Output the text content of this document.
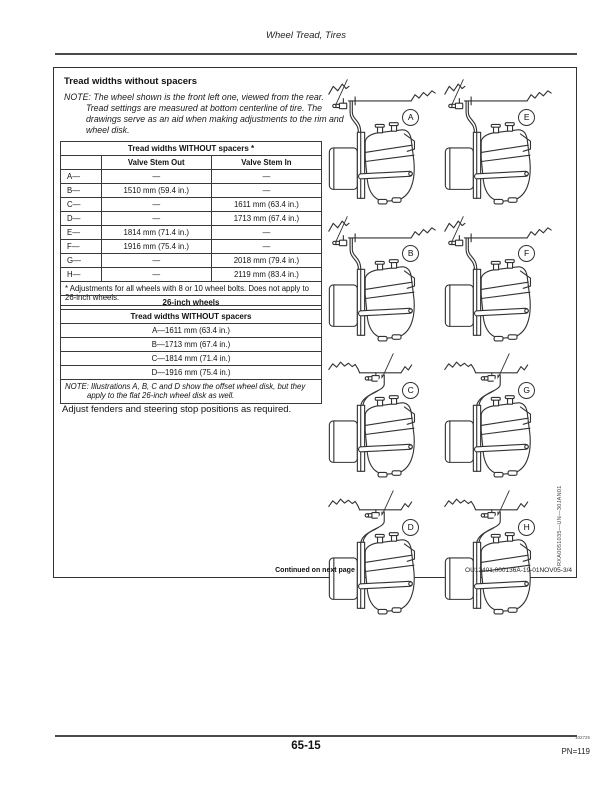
Wheel Tread, Tires
Tread widths without spacers
NOTE: The wheel shown is the front left one, viewed from the rear. Tread settings are measured at bottom centerline of tire. The drawings serve as an aid when making adjustments to the rim and wheel disk.
Tread widths WITHOUT spacers *		
	Valve Stem Out	Valve Stem In
A—	—	—
B—	1510 mm (59.4 in.)	—
C—	—	1611 mm (63.4 in.)
D—	—	1713 mm (67.4 in.)
E—	1814 mm (71.4 in.)	—
F—	1916 mm (75.4 in.)	—
G—	—	2018 mm (79.4 in.)
H—	—	2119 mm (83.4 in.)
* Adjustments for all wheels with 8 or 10 wheel bolts. Does not apply to 26-inch wheels.		
26-inch wheels
Tread widths WITHOUT spacers
A—1611 mm (63.4 in.)
B—1713 mm (67.4 in.)
C—1814 mm (71.4 in.)
D—1916 mm (75.4 in.)
NOTE: Illustrations A, B, C and D show the offset wheel disk, but they apply to the flat 26-inch wheel disk as well.
Adjust fenders and steering stop positions as required.
A
B
C
D
E
F
G
H	RXA0051035—UN—30JAN01
Continued on next page	OU12401,000136A-19-01NOV05-3/4
65-15
102725
PN=119
